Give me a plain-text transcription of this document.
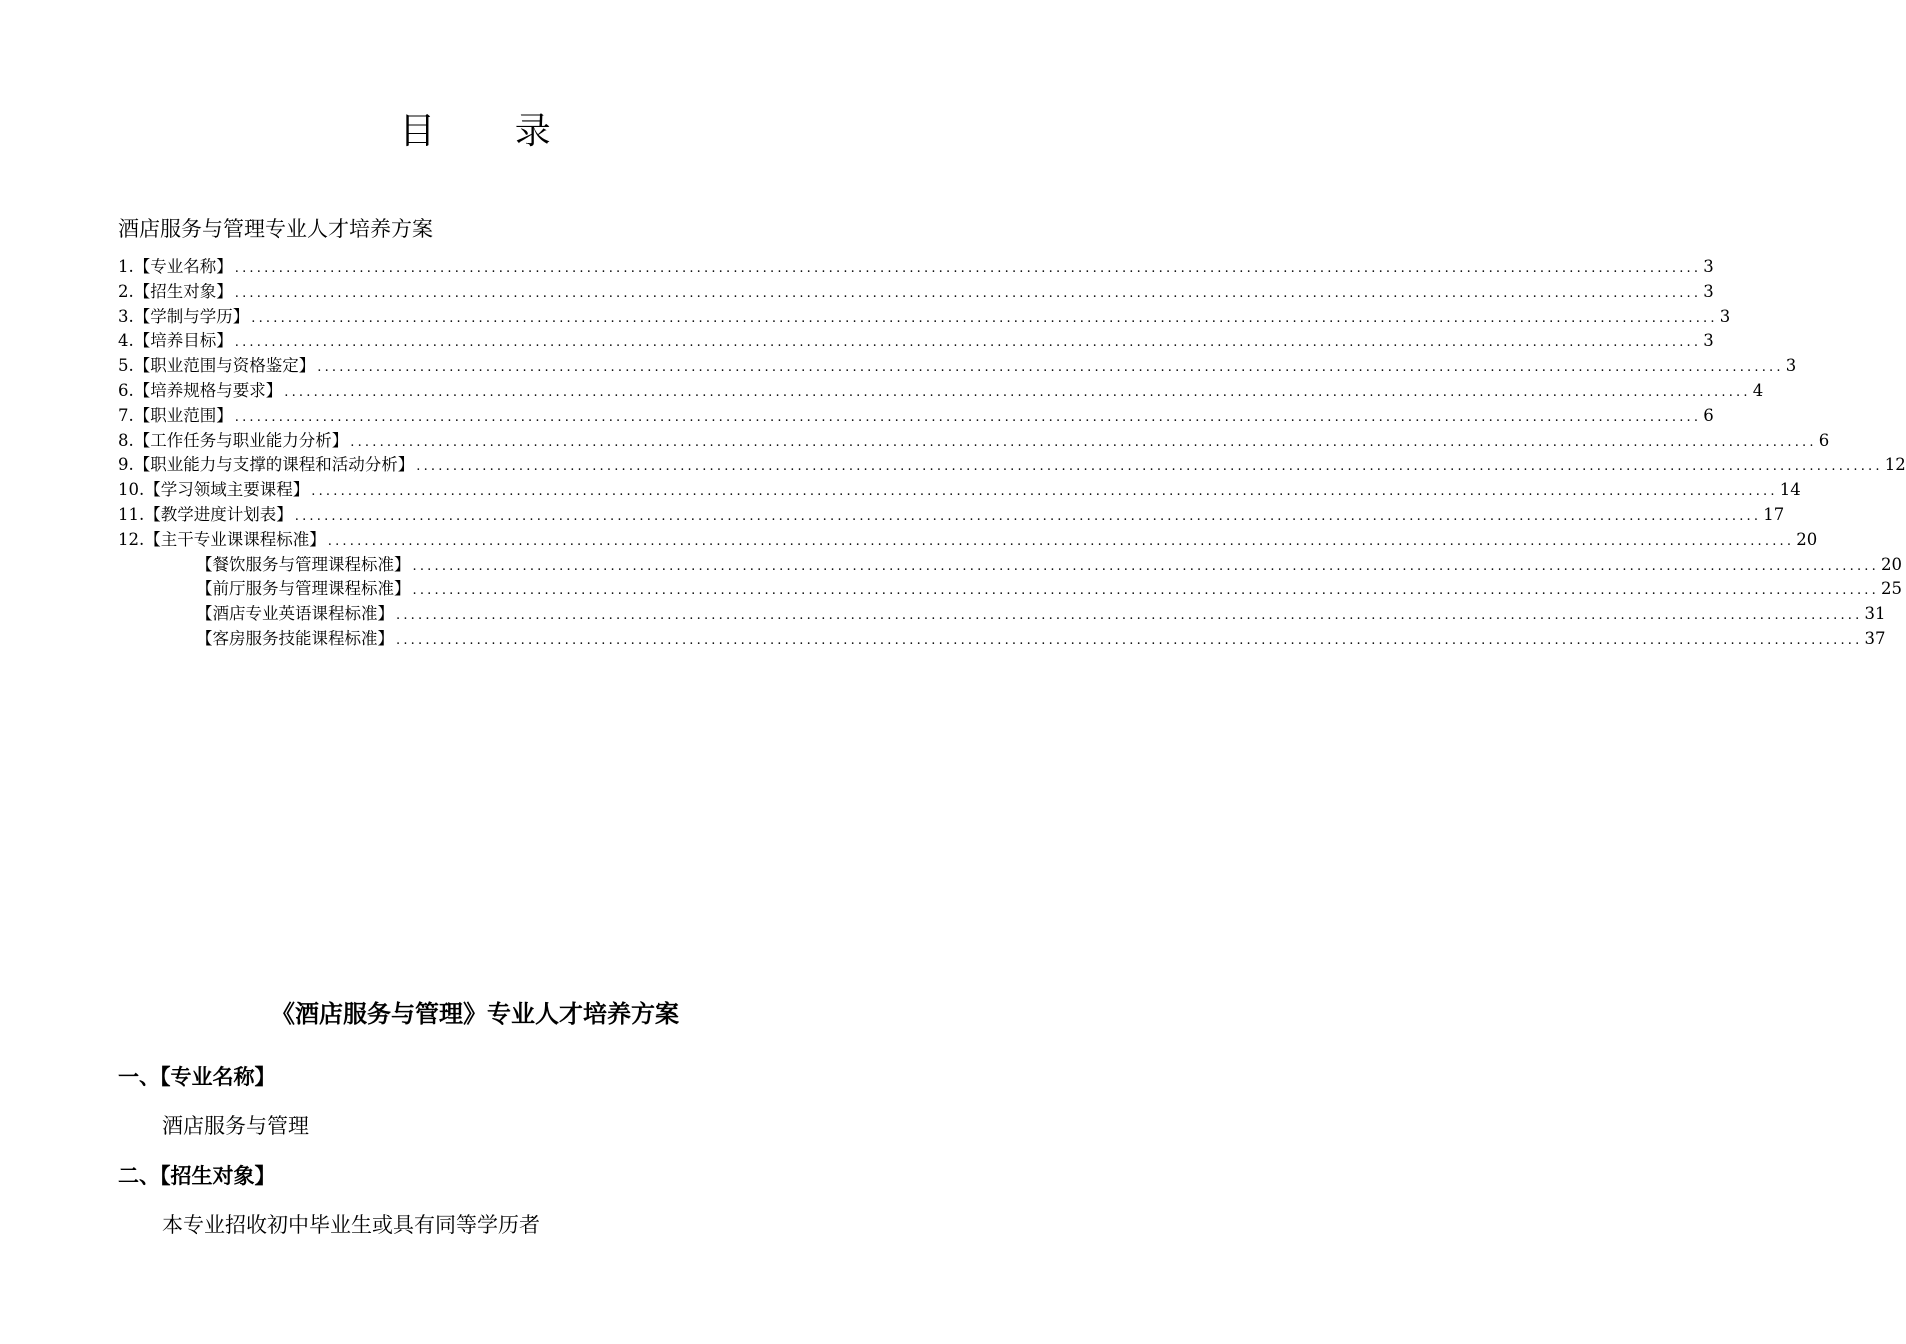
目 录
酒店服务与管理专业人才培养方案
1. 【专业名称】 ........................................................................................................................................................................................................ 3
2. 【招生对象】 ........................................................................................................................................................................................................ 3
3. 【学制与学历】 ........................................................................................................................................................................................................ 3
4. 【培养目标】 ........................................................................................................................................................................................................ 3
5. 【职业范围与资格鉴定】 ........................................................................................................................................................................................................ 3
6. 【培养规格与要求】 ........................................................................................................................................................................................................ 4
7. 【职业范围】 ........................................................................................................................................................................................................ 6
8. 【工作任务与职业能力分析】 ........................................................................................................................................................................................................ 6
9. 【职业能力与支撑的课程和活动分析】 ........................................................................................................................................................................................................ 12
10. 【学习领域主要课程】 ........................................................................................................................................................................................................ 14
11. 【教学进度计划表】 ........................................................................................................................................................................................................ 17
12. 【主干专业课课程标准】 ........................................................................................................................................................................................................ 20
【餐饮服务与管理课程标准】 ........................................................................................................................................................................................................ 20
【前厅服务与管理课程标准】 ........................................................................................................................................................................................................ 25
【酒店专业英语课程标准】 ........................................................................................................................................................................................................ 31
【客房服务技能课程标准】 ........................................................................................................................................................................................................ 37
《酒店服务与管理》专业人才培养方案
一、【专业名称】
酒店服务与管理
二、【招生对象】
本专业招收初中毕业生或具有同等学历者
